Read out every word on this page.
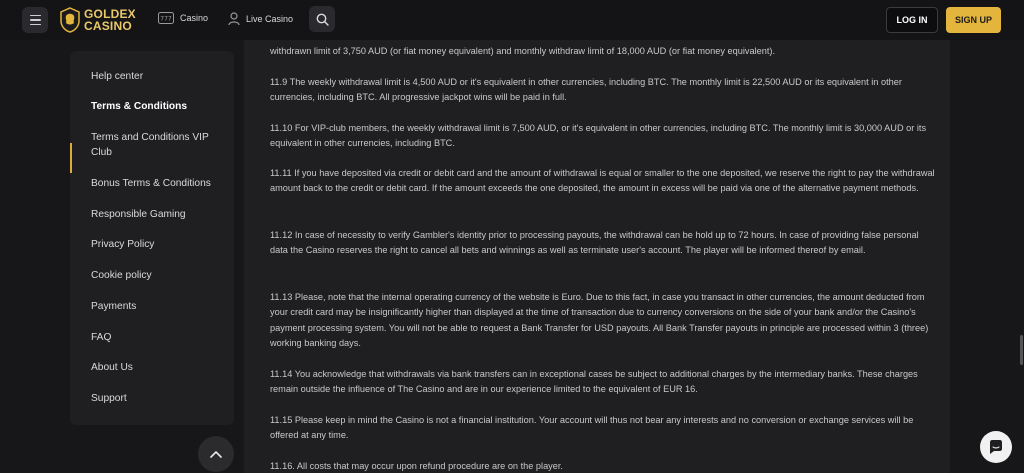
GOLDEX
CASINO	777 Casino	Live Casino	LOG IN	SIGN UP
Help center
Terms & Conditions
Terms and Conditions VIP Club
Bonus Terms & Conditions
Responsible Gaming
Privacy Policy
Cookie policy
Payments
FAQ
About Us
Support

withdrawn limit of 3,750 AUD (or fiat money equivalent) and monthly withdraw limit of 18,000 AUD (or fiat money equivalent).

11.9 The weekly withdrawal limit is 4,500 AUD or it's equivalent in other currencies, including BTC. The monthly limit is 22,500 AUD or its equivalent in other currencies, including BTC. All progressive jackpot wins will be paid in full.

11.10 For VIP-club members, the weekly withdrawal limit is 7,500 AUD, or it's equivalent in other currencies, including BTC. The monthly limit is 30,000 AUD or its equivalent in other currencies, including BTC.

11.11 If you have deposited via credit or debit card and the amount of withdrawal is equal or smaller to the one deposited, we reserve the right to pay the withdrawal amount back to the credit or debit card. If the amount exceeds the one deposited, the amount in excess will be paid via one of the alternative payment methods.

11.12 In case of necessity to verify Gambler's identity prior to processing payouts, the withdrawal can be hold up to 72 hours. In case of providing false personal data the Casino reserves the right to cancel all bets and winnings as well as terminate user's account. The player will be informed thereof by email.

11.13 Please, note that the internal operating currency of the website is Euro. Due to this fact, in case you transact in other currencies, the amount deducted from your credit card may be insignificantly higher than displayed at the time of transaction due to currency conversions on the side of your bank and/or the Casino's payment processing system. You will not be able to request a Bank Transfer for USD payouts. All Bank Transfer payouts in principle are processed within 3 (three) working banking days.

11.14 You acknowledge that withdrawals via bank transfers can in exceptional cases be subject to additional charges by the intermediary banks. These charges remain outside the influence of The Casino and are in our experience limited to the equivalent of EUR 16.

11.15 Please keep in mind the Casino is not a financial institution. Your account will thus not bear any interests and no conversion or exchange services will be offered at any time.

11.16. All costs that may occur upon refund procedure are on the player.
